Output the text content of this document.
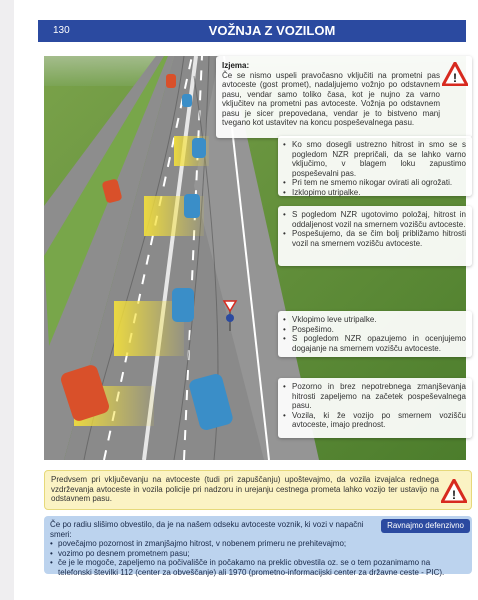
130	VOŽNJA Z VOZILOM
Izjema:
Če se nismo uspeli pravočasno vključiti na prometni pas avtoceste (gost promet), nadaljujemo vožnjo po odstavnem pasu, vendar samo toliko časa, kot je nujno za varno vključitev na prometni pas avtoceste. Vožnja po odstavnem pasu je sicer prepovedana, vendar je to bistveno manj tvegano kot ustavitev na koncu pospeševalnega pasu.
!
• Ko smo dosegli ustrezno hitrost in smo se s pogledom NZR prepričali, da se lahko varno vključimo, v blagem loku zapustimo pospeševalni pas.
• Pri tem ne smemo nikogar ovirati ali ogrožati.
• Izklopimo utripalke.
• S pogledom NZR ugotovimo položaj, hitrost in oddaljenost vozil na smernem vozišču avtoceste.
• Pospešujemo, da se čim bolj približamo hitrosti vozil na smernem vozišču avtoceste.
• Vklopimo leve utripalke.
• Pospešimo.
• S pogledom NZR opazujemo in ocenjujemo dogajanje na smernem vozišču avtoceste.
• Pozorno in brez nepotrebnega zmanjševanja hitrosti zapeljemo na začetek pospeševalnega pasu.
• Vozila, ki že vozijo po smernem vozišču avtoceste, imajo prednost.
Predvsem pri vključevanju na avtoceste (tudi pri zapuščanju) upoštevajmo, da vozila izvajalca rednega vzdrževanja avtoceste in vozila policije pri nadzoru in urejanju cestnega prometa lahko vozijo ter ustavijo na odstavnem pasu.	!
Ravnajmo defenzivno
Če po radiu slišimo obvestilo, da je na našem odseku avtoceste voznik, ki vozi v napačni smeri:
• povečajmo pozornost in zmanjšajmo hitrost, v nobenem primeru ne prehitevajmo;
• vozimo po desnem prometnem pasu;
• če je le mogoče, zapeljemo na počivališče in počakamo na preklic obvestila oz. se o tem pozanimamo na telefonski številki 112 (center za obveščanje) ali 1970 (prometno-informacijski center za državne ceste - PIC).
